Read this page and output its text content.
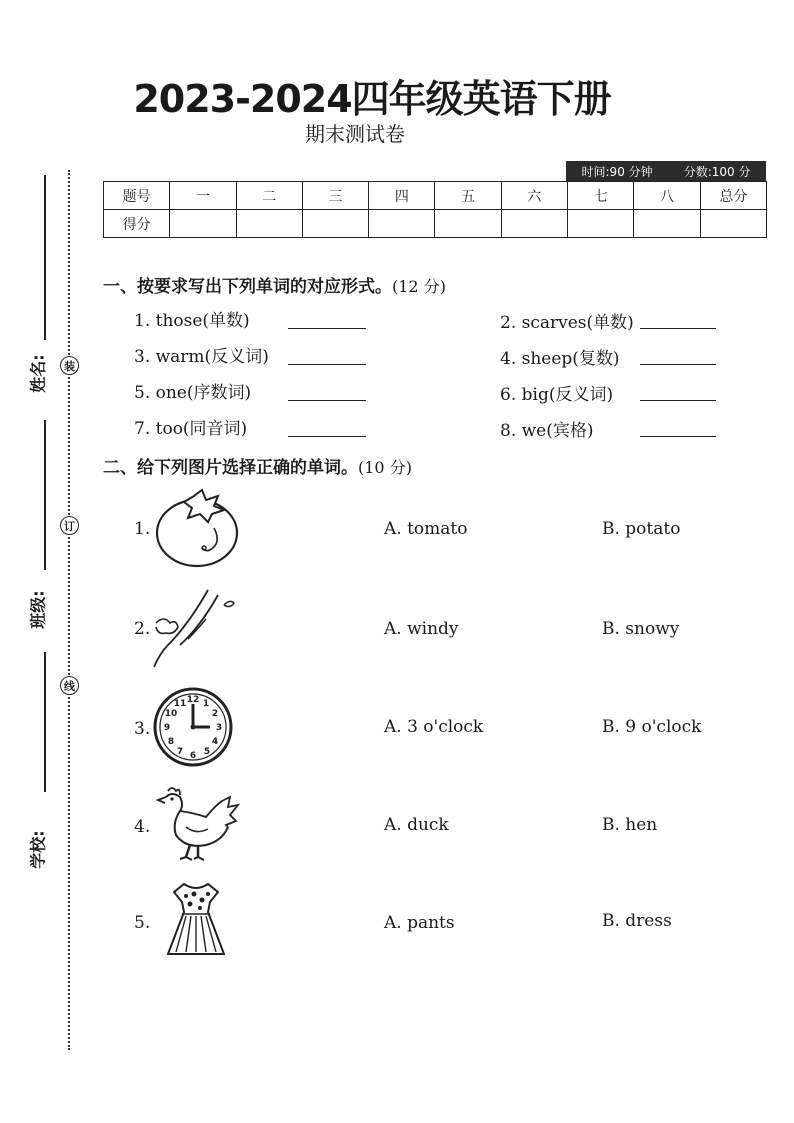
2023-2024四年级英语下册
期末测试卷
时间:90 分钟	分数:100 分
题号	一	二	三	四	五	六	七	八	总分
得分									
姓名:
班级:
学校:
装
订
线
一、按要求写出下列单词的对应形式。(12 分)
1. those(单数)	2. scarves(单数)
3. warm(反义词)	4. sheep(复数)
5. one(序数词)	6. big(反义词)
7. too(同音词)	8. we(宾格)
二、给下列图片选择正确的单词。(10 分)
1.	A. tomato	B. potato
2.	A. windy	B. snowy
3.
12 1
2
3
4
5
6
7
8
9
10
11
A. 3 o'clock	B. 9 o'clock
4.	A. duck	B. hen
5.	A. pants	B. dress
